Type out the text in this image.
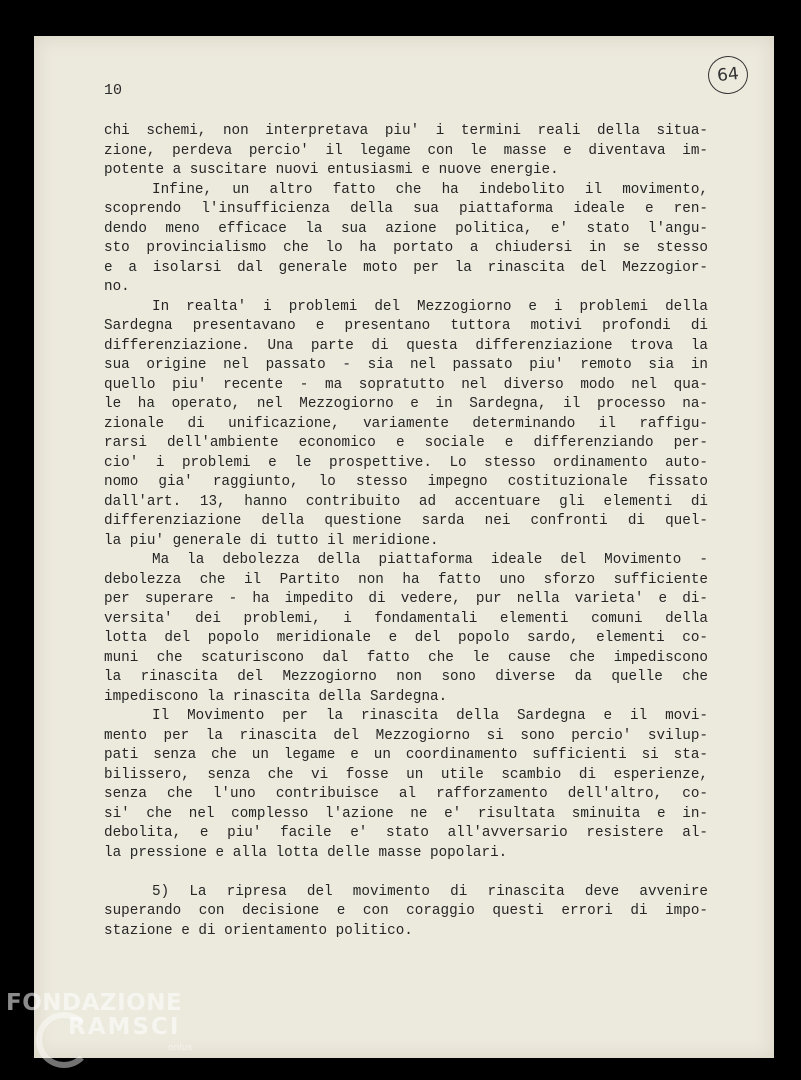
10
64
chi schemi, non interpretava piu' i termini reali della situa-
zione, perdeva percio' il legame con le masse e diventava im-
potente a suscitare nuovi entusiasmi e nuove energie.
Infine, un altro fatto che ha indebolito il movimento,
scoprendo l'insufficienza della sua piattaforma ideale e ren-
dendo meno efficace la sua azione politica, e' stato l'angu-
sto provincialismo che lo ha portato a chiudersi in se stesso
e a isolarsi dal generale moto per la rinascita del Mezzogior-
no.
In realta' i problemi del Mezzogiorno e i problemi della
Sardegna presentavano e presentano tuttora motivi profondi di
differenziazione. Una parte di questa differenziazione trova la
sua origine nel passato - sia nel passato piu' remoto sia in
quello piu' recente - ma sopratutto nel diverso modo nel qua-
le ha operato, nel Mezzogiorno e in Sardegna, il processo na-
zionale di unificazione, variamente determinando il raffigu-
rarsi dell'ambiente economico e sociale e differenziando per-
cio' i problemi e le prospettive. Lo stesso ordinamento auto-
nomo gia' raggiunto, lo stesso impegno costituzionale fissato
dall'art. 13, hanno contribuito ad accentuare gli elementi di
differenziazione della questione sarda nei confronti di quel-
la piu' generale di tutto il meridione.
Ma la debolezza della piattaforma ideale del Movimento -
debolezza che il Partito non ha fatto uno sforzo sufficiente
per superare - ha impedito di vedere, pur nella varieta' e di-
versita' dei problemi, i fondamentali elementi comuni della
lotta del popolo meridionale e del popolo sardo, elementi co-
muni che scaturiscono dal fatto che le cause che impediscono
la rinascita del Mezzogiorno non sono diverse da quelle che
impediscono la rinascita della Sardegna.
Il Movimento per la rinascita della Sardegna e il movi-
mento per la rinascita del Mezzogiorno si sono percio' svilup-
pati senza che un legame e un coordinamento sufficienti si sta-
bilissero, senza che vi fosse un utile scambio di esperienze,
senza che l'uno contribuisce al rafforzamento dell'altro, co-
si' che nel complesso l'azione ne e' risultata sminuita e in-
debolita, e piu' facile e' stato all'avversario resistere al-
la pressione e alla lotta delle masse popolari.
5) La ripresa del movimento di rinascita deve avvenire
superando con decisione e con coraggio questi errori di impo-
stazione e di orientamento politico.
FONDAZIONE
RAMSCI
onlus
